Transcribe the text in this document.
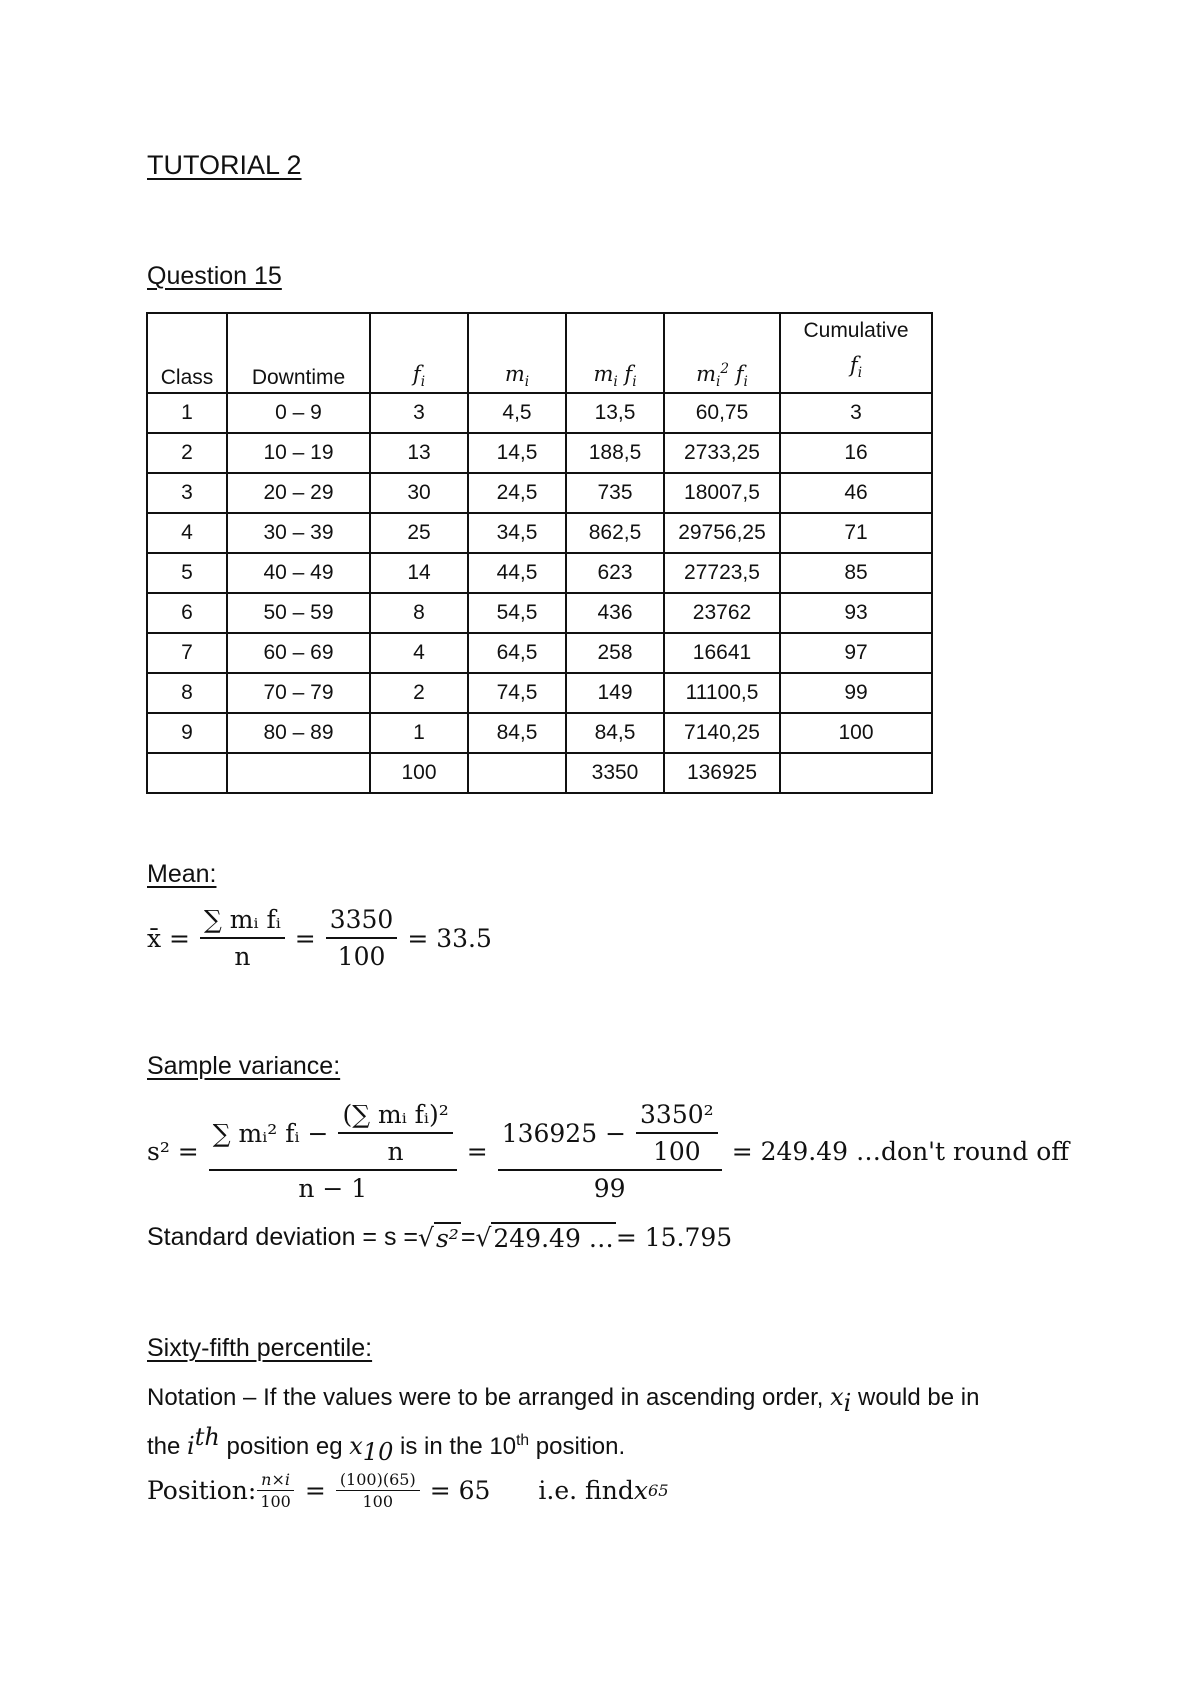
TUTORIAL 2
Question 15
Class	Downtime	$f_i$	$m_i$	$m_i$ $f_i$	$m_i^2$ $f_i$	Cumulative
$f_i$
1	0 – 9	3	4,5	13,5	60,75	3
2	10 – 19	13	14,5	188,5	2733,25	16
3	20 – 29	30	24,5	735	18007,5	46
4	30 – 39	25	34,5	862,5	29756,25	71
5	40 – 49	14	44,5	623	27723,5	85
6	50 – 59	8	54,5	436	23762	93
7	60 – 69	4	64,5	258	16641	97
8	70 – 79	2	74,5	149	11100,5	99
9	80 – 89	1	84,5	84,5	7140,25	100
		100		3350	136925	
Mean:
x̄ = $\frac{\text{∑ mᵢ fᵢ}}{n} = \frac{3350}{100} = 33.5$
Sample variance:
$s^2 = \frac{\sum mᵢ^2 fᵢ - \frac{\text{(∑ mᵢ fᵢ)²}}{n}}{n - 1} = \frac{136925 - \frac{\text{3350²}}{100}}{99} = 249.49$ … don't round off
Standard deviation = s = √ s² = √ 249.49 … = 15.795
Sixty-fifth percentile:
Notation – If the values were to be arranged in ascending order, $x_i$ would be in
the $i^{th}$ position eg $x_{10}$ is in the 10th position.
Position: $\frac{n\times i}{100} = \frac{(100)(65)}{100} = 65$ i.e. find x 65
